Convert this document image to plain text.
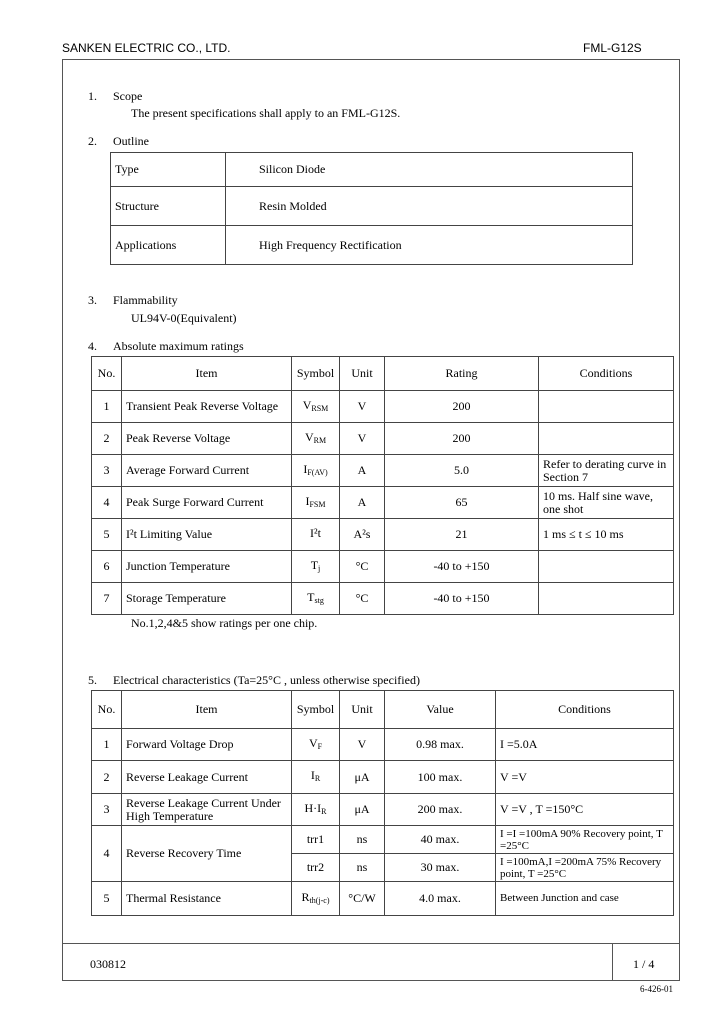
SANKEN ELECTRIC CO., LTD.	FML-G12S
1. Scope
The present specifications shall apply to an FML-G12S.
2. Outline
Type	Silicon Diode
Structure	Resin Molded
Applications	High Frequency Rectification
3. Flammability
UL94V-0(Equivalent)
4. Absolute maximum ratings
No.	Item	Symbol	Unit	Rating	Conditions
1	Transient Peak Reverse Voltage	$V_{RSM}$	V	200	
2	Peak Reverse Voltage	$V_{RM}$	V	200	
3	Average Forward Current	$I_{F(AV)}$	A	5.0	Refer to derating curve in Section 7
4	Peak Surge Forward Current	$I_{FSM}$	A	65	10 ms. Half sine wave, one shot
5	I²t Limiting Value	I²t	A²s	21	1 ms ≤ t ≤ 10 ms
6	Junction Temperature	$T_j$	°C	-40 to +150	
7	Storage Temperature	$T_{stg}$	°C	-40 to +150	
No.1,2,4&5 show ratings per one chip.
5. Electrical characteristics (Ta=25°C , unless otherwise specified)
No.	Item	Symbol	Unit	Value	Conditions
1	Forward Voltage Drop	$V_F$	V	0.98 max.	I =5.0A
2	Reverse Leakage Current	$I_R$	μA	100 max.	V =V
3	Reverse Leakage Current Under High Temperature	$H\cdot I_R$	μA	200 max.	V =V , T =150°C
4	Reverse Recovery Time	trr1	ns	40 max.	I =I =100mA 90% Recovery point, T =25°C
		trr2	ns	30 max.	I =100mA,I =200mA 75% Recovery point, T =25°C
5	Thermal Resistance	$R_{th(j-c)}$	°C/W	4.0 max.	Between Junction and case
030812	1 / 4
6-426-01
